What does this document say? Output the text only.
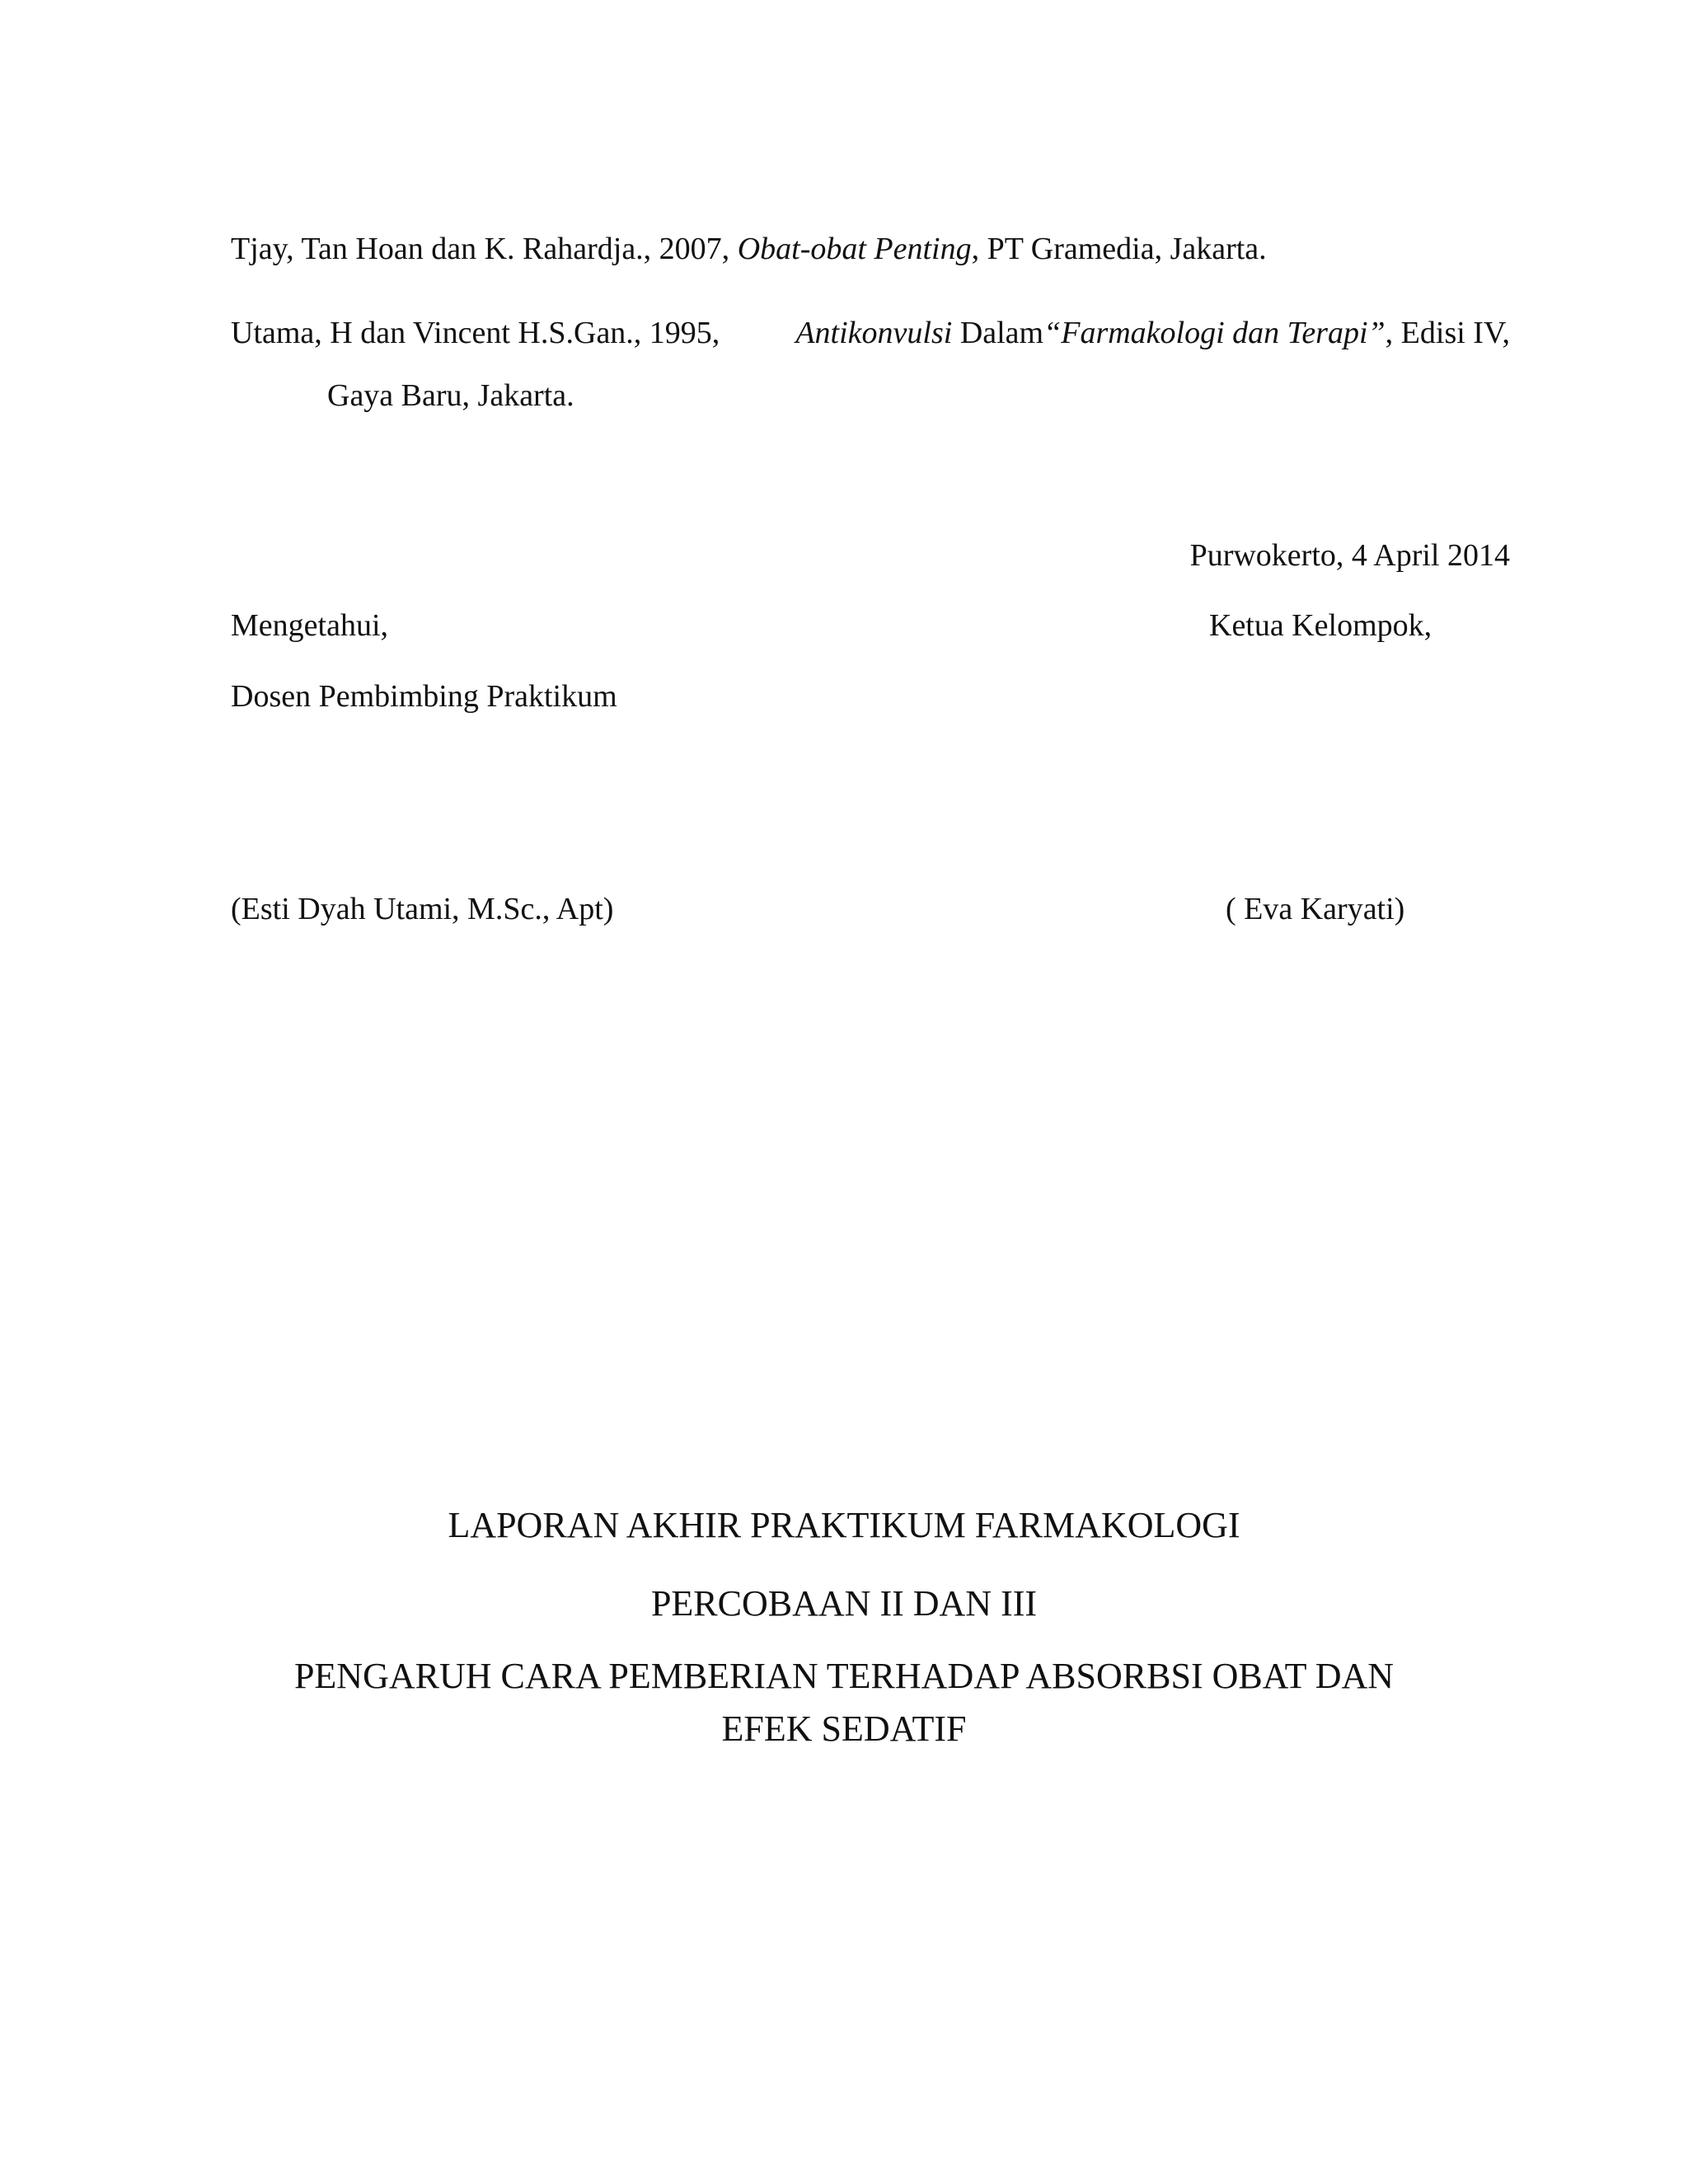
Tjay, Tan Hoan dan K. Rahardja., 2007, Obat-obat Penting, PT Gramedia, Jakarta.
Utama, H dan Vincent H.S.Gan., 1995, Antikonvulsi Dalam“Farmakologi dan Terapi”, Edisi IV,
Gaya Baru, Jakarta.
Purwokerto, 4 April 2014
Mengetahui,	Ketua Kelompok,
Dosen Pembimbing Praktikum
(Esti Dyah Utami, M.Sc., Apt)	( Eva Karyati)
LAPORAN AKHIR PRAKTIKUM FARMAKOLOGI
PERCOBAAN II DAN III
PENGARUH CARA PEMBERIAN TERHADAP ABSORBSI OBAT DAN
EFEK SEDATIF
